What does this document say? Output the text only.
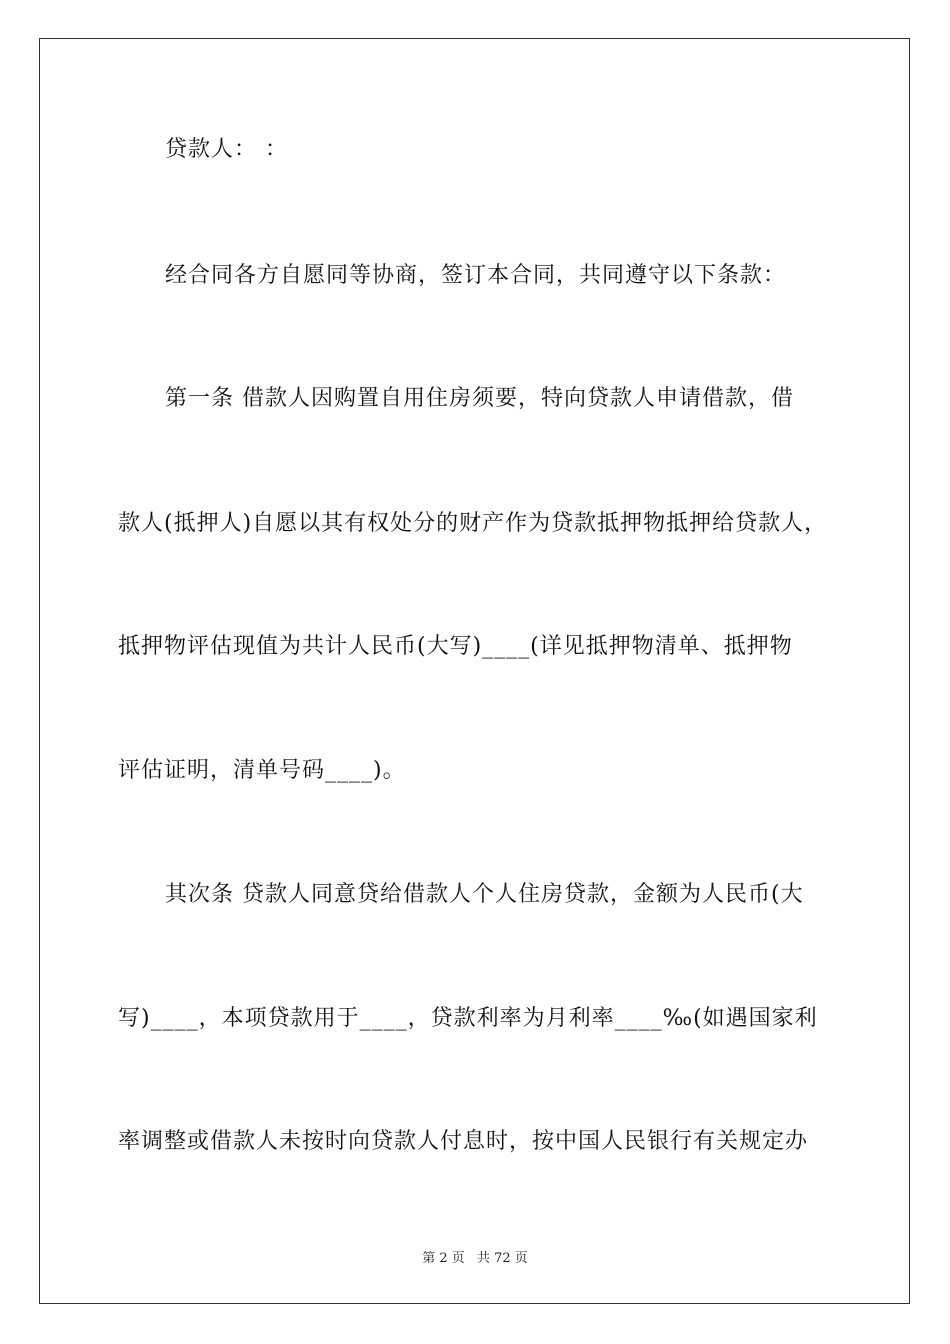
贷款人： ：
经合同各方自愿同等协商，签订本合同，共同遵守以下条款：
第一条 借款人因购置自用住房须要，特向贷款人申请借款，借
款人(抵押人)自愿以其有权处分的财产作为贷款抵押物抵押给贷款人，
抵押物评估现值为共计人民币(大写)____(详见抵押物清单、抵押物
评估证明，清单号码____)。
其次条 贷款人同意贷给借款人个人住房贷款，金额为人民币(大
写)____，本项贷款用于____，贷款利率为月利率____‰(如遇国家利
率调整或借款人未按时向贷款人付息时，按中国人民银行有关规定办
第 2 页 共 72 页
